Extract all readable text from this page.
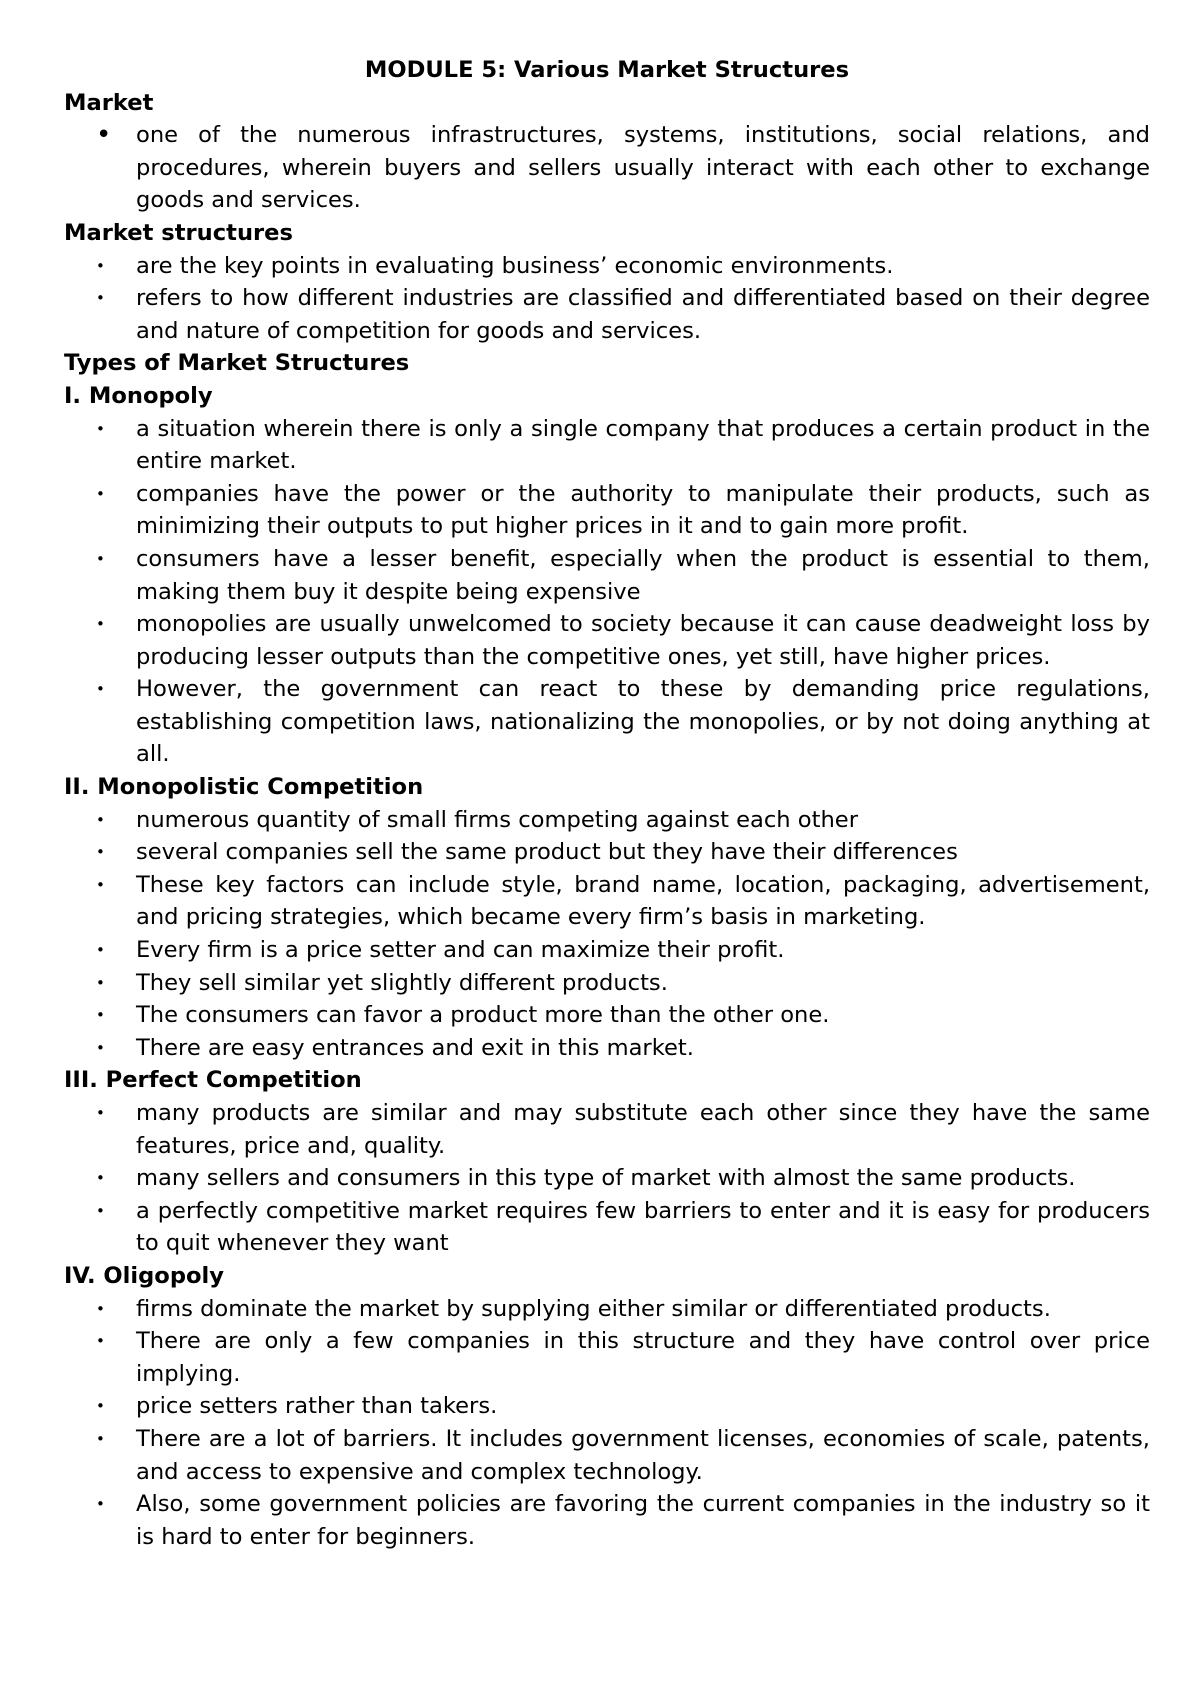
MODULE 5: Various Market Structures

Market

• one of the numerous infrastructures, systems, institutions, social relations, and procedures, wherein buyers and sellers usually interact with each other to exchange goods and services.

Market structures

•	are the key points in evaluating business’ economic environments.
•	refers to how different industries are classified and differentiated based on their degree and nature of competition for goods and services.

Types of Market Structures

I. Monopoly

•	a situation wherein there is only a single company that produces a certain product in the entire market.
•	companies have the power or the authority to manipulate their products, such as minimizing their outputs to put higher prices in it and to gain more profit.
•	consumers have a lesser benefit, especially when the product is essential to them, making them buy it despite being expensive
•	monopolies are usually unwelcomed to society because it can cause deadweight loss by producing lesser outputs than the competitive ones, yet still, have higher prices.
•	However, the government can react to these by demanding price regulations, establishing competition laws, nationalizing the monopolies, or by not doing anything at all.

II. Monopolistic Competition

•	numerous quantity of small firms competing against each other
•	several companies sell the same product but they have their differences
•	These key factors can include style, brand name, location, packaging, advertisement, and pricing strategies, which became every firm’s basis in marketing.
•	Every firm is a price setter and can maximize their profit.
•	They sell similar yet slightly different products.
•	The consumers can favor a product more than the other one.
•	There are easy entrances and exit in this market.

III. Perfect Competition

•	many products are similar and may substitute each other since they have the same features, price and, quality.
•	many sellers and consumers in this type of market with almost the same products.
•	a perfectly competitive market requires few barriers to enter and it is easy for producers to quit whenever they want

IV. Oligopoly

•	firms dominate the market by supplying either similar or differentiated products.
•	There are only a few companies in this structure and they have control over price implying.
•	price setters rather than takers.
•	There are a lot of barriers. It includes government licenses, economies of scale, patents, and access to expensive and complex technology.
•	Also, some government policies are favoring the current companies in the industry so it is hard to enter for beginners.
